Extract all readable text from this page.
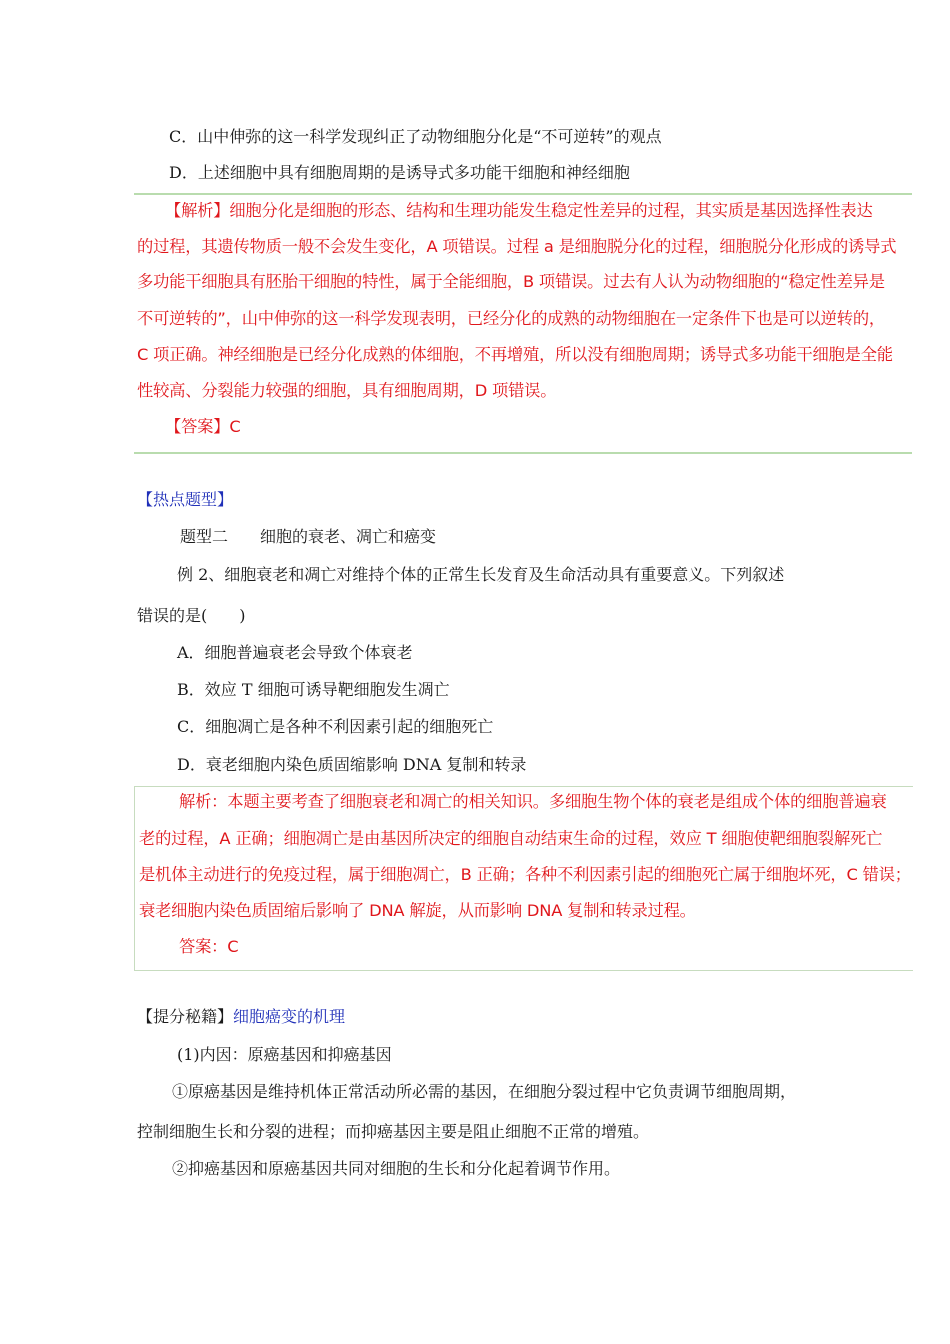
C．山中伸弥的这一科学发现纠正了动物细胞分化是“不可逆转”的观点
D．上述细胞中具有细胞周期的是诱导式多功能干细胞和神经细胞
【解析】细胞分化是细胞的形态、结构和生理功能发生稳定性差异的过程，其实质是基因选择性表达
的过程，其遗传物质一般不会发生变化，A 项错误。过程 a 是细胞脱分化的过程，细胞脱分化形成的诱导式
多功能干细胞具有胚胎干细胞的特性，属于全能细胞，B 项错误。过去有人认为动物细胞的“稳定性差异是
不可逆转的”，山中伸弥的这一科学发现表明，已经分化的成熟的动物细胞在一定条件下也是可以逆转的，
C 项正确。神经细胞是已经分化成熟的体细胞，不再增殖，所以没有细胞周期；诱导式多功能干细胞是全能
性较高、分裂能力较强的细胞，具有细胞周期，D 项错误。
【答案】C
【热点题型】
题型二　　细胞的衰老、凋亡和癌变
例 2、细胞衰老和凋亡对维持个体的正常生长发育及生命活动具有重要意义。下列叙述
错误的是(　　)
A．细胞普遍衰老会导致个体衰老
B．效应 T 细胞可诱导靶细胞发生凋亡
C．细胞凋亡是各种不利因素引起的细胞死亡
D．衰老细胞内染色质固缩影响 DNA 复制和转录
解析：本题主要考查了细胞衰老和凋亡的相关知识。多细胞生物个体的衰老是组成个体的细胞普遍衰
老的过程，A 正确；细胞凋亡是由基因所决定的细胞自动结束生命的过程，效应 T 细胞使靶细胞裂解死亡
是机体主动进行的免疫过程，属于细胞凋亡，B 正确；各种不利因素引起的细胞死亡属于细胞坏死，C 错误；
衰老细胞内染色质固缩后影响了 DNA 解旋，从而影响 DNA 复制和转录过程。
答案：C
【提分秘籍】细胞癌变的机理
(1)内因：原癌基因和抑癌基因
①原癌基因是维持机体正常活动所必需的基因，在细胞分裂过程中它负责调节细胞周期，
控制细胞生长和分裂的进程；而抑癌基因主要是阻止细胞不正常的增殖。
②抑癌基因和原癌基因共同对细胞的生长和分化起着调节作用。
